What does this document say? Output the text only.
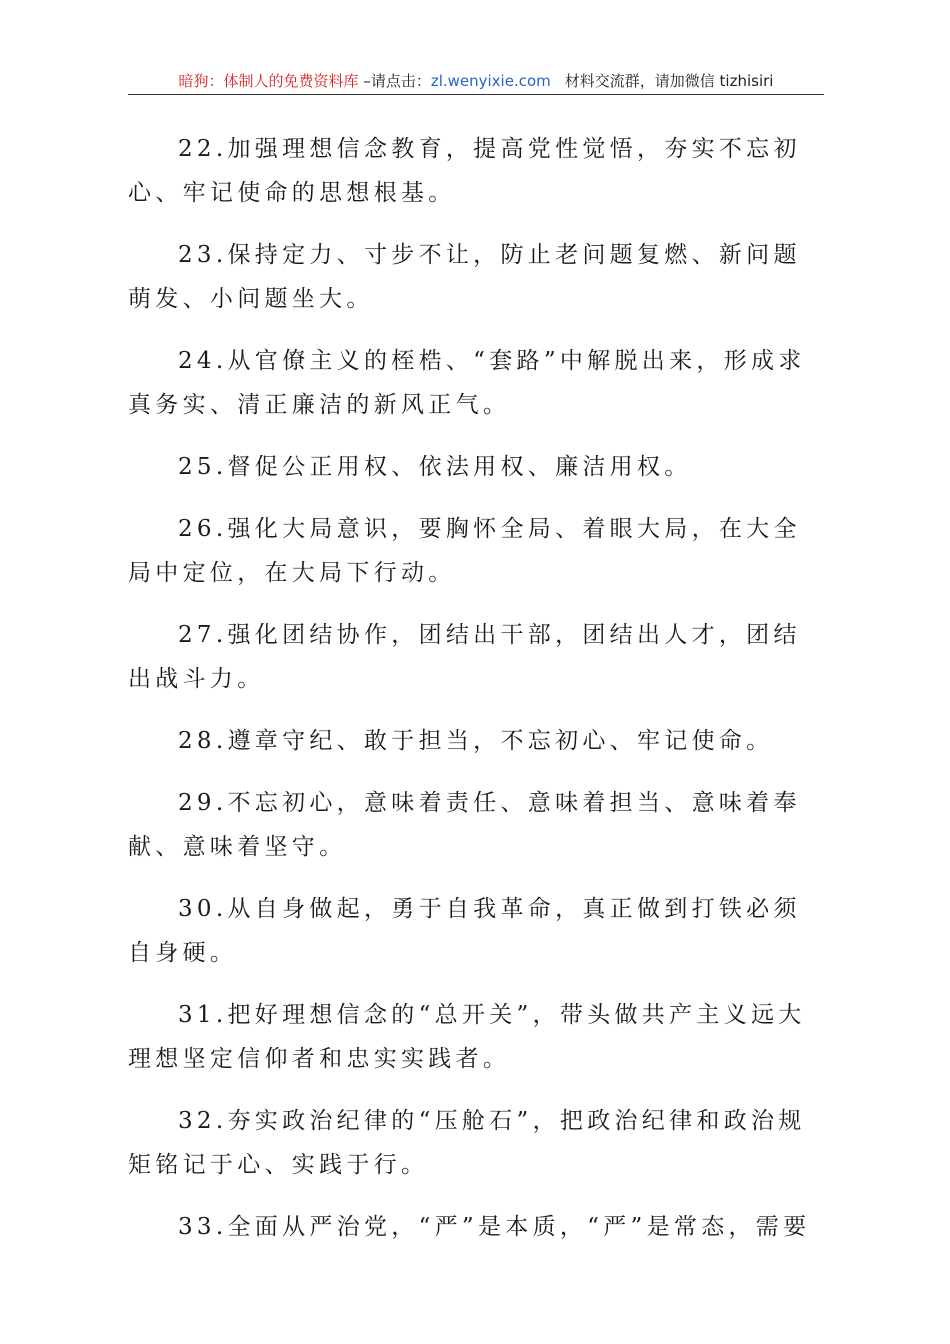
暗狗：体制人的免费资料库 –请点击：zl.wenyixie.com 材料交流群，请加微信 tizhisiri

22.加强理想信念教育，提高党性觉悟，夯实不忘初心、牢记使命的思想根基。

23.保持定力、寸步不让，防止老问题复燃、新问题萌发、小问题坐大。

24.从官僚主义的桎梏、“套路”中解脱出来，形成求真务实、清正廉洁的新风正气。

25.督促公正用权、依法用权、廉洁用权。

26.强化大局意识，要胸怀全局、着眼大局，在大全局中定位，在大局下行动。

27.强化团结协作，团结出干部，团结出人才，团结出战斗力。

28.遵章守纪、敢于担当，不忘初心、牢记使命。

29.不忘初心，意味着责任、意味着担当、意味着奉献、意味着坚守。

30.从自身做起，勇于自我革命，真正做到打铁必须自身硬。

31.把好理想信念的“总开关”，带头做共产主义远大理想坚定信仰者和忠实实践者。

32.夯实政治纪律的“压舱石”，把政治纪律和政治规矩铭记于心、实践于行。

33.全面从严治党，“严”是本质，“严”是常态，需要
